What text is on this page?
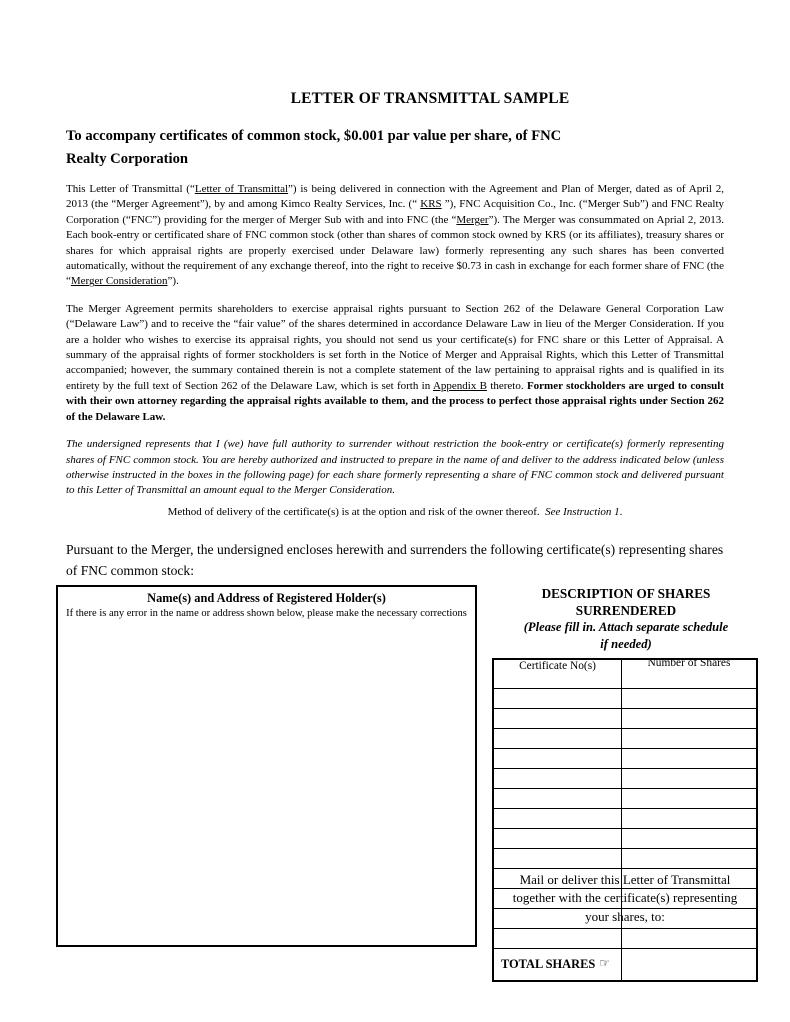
LETTER OF TRANSMITTAL SAMPLE
To accompany certificates of common stock, $0.001 par value per share, of FNC
Realty Corporation
This Letter of Transmittal (“Letter of Transmittal”) is being delivered in connection with the Agreement and Plan of Merger, dated as of April 2, 2013 (the “Merger Agreement”), by and among Kimco Realty Services, Inc. (“ KRS ”), FNC Acquisition Co., Inc. (“Merger Sub”) and FNC Realty Corporation (“FNC”) providing for the merger of Merger Sub with and into FNC (the “Merger”). The Merger was consummated on Aprial 2, 2013. Each book-entry or certificated share of FNC common stock (other than shares of common stock owned by KRS (or its affiliates), treasury shares or shares for which appraisal rights are properly exercised under Delaware law) formerly representing any such shares has been converted automatically, without the requirement of any exchange thereof, into the right to receive $0.73 in cash in exchange for each former share of FNC (the “Merger Consideration”).
The Merger Agreement permits shareholders to exercise appraisal rights pursuant to Section 262 of the Delaware General Corporation Law (“Delaware Law”) and to receive the “fair value” of the shares determined in accordance Delaware Law in lieu of the Merger Consideration. If you are a holder who wishes to exercise its appraisal rights, you should not send us your certificate(s) for FNC share or this Letter of Appraisal. A summary of the appraisal rights of former stockholders is set forth in the Notice of Merger and Appraisal Rights, which this Letter of Transmittal accompanied; however, the summary contained therein is not a complete statement of the law pertaining to appraisal rights and is qualified in its entirety by the full text of Section 262 of the Delaware Law, which is set forth in Appendix B thereto. Former stockholders are urged to consult with their own attorney regarding the appraisal rights available to them, and the process to perfect those appraisal rights under Section 262 of the Delaware Law.
The undersigned represents that I (we) have full authority to surrender without restriction the book-entry or certificate(s) formerly representing shares of FNC common stock. You are hereby authorized and instructed to prepare in the name of and deliver to the address indicated below (unless otherwise instructed in the boxes in the following page) for each share formerly representing a share of FNC common stock and delivered pursuant to this Letter of Transmittal an amount equal to the Merger Consideration.
Method of delivery of the certificate(s) is at the option and risk of the owner thereof.  See Instruction 1.
Pursuant to the Merger, the undersigned encloses herewith and surrenders the following certificate(s) representing shares of FNC common stock:
Name(s) and Address of Registered Holder(s)
If there is any error in the name or address shown below, please make the necessary corrections
DESCRIPTION OF SHARES
SURRENDERED
(Please fill in. Attach separate schedule
if needed)
Certificate No(s)	Number of Shares
TOTAL SHARES ☞
Mail or deliver this Letter of Transmittal
together with the certificate(s) representing
your shares, to:
